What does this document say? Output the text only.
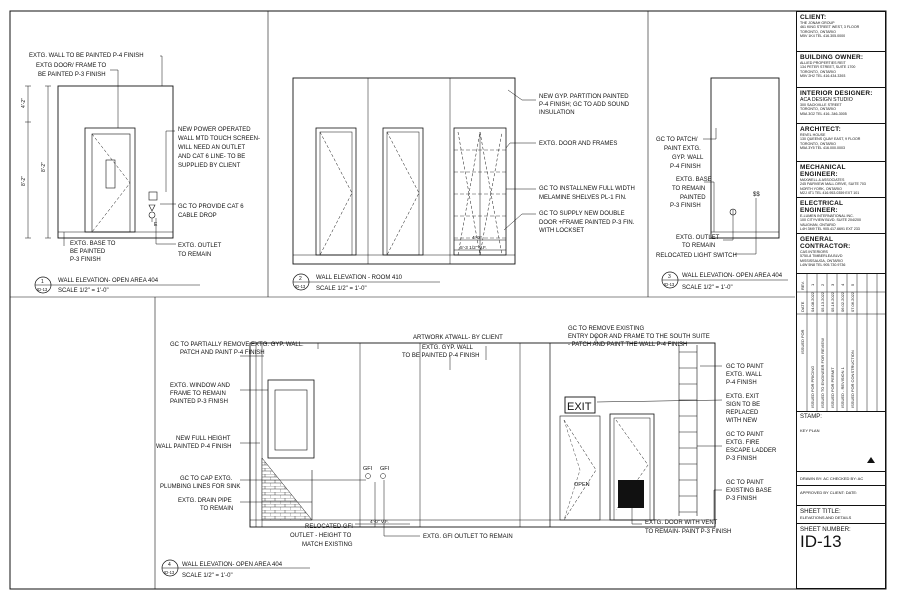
4'-2"
8'-2"
8'-2"
E
EXTG. WALL TO BE PAINTED P-4 FINISH
EXTG DOOR/ FRAME TO
BE PAINTED P-3 FINISH
NEW POWER OPERATED
WALL MTD TOUCH SCREEN-
WILL NEED AN OUTLET
AND CAT 6 LINE- TO BE
SUPPLIED BY CLIENT
GC TO PROVIDE CAT 6
CABLE DROP
EXTG. BASE TO
BE PAINTED
P-3 FINISH
EXTG. OUTLET
TO REMAIN
1
ID-13
WALL ELEVATION- OPEN AREA 404
SCALE 1/2" = 1'-0"
4'-0"
5'-3 1/2" V.F.
NEW GYP. PARTITION PAINTED
P-4 FINISH; GC TO ADD SOUND
INSULATION
EXTG. DOOR AND FRAMES
GC TO INSTALLNEW FULL WIDTH
MELAMINE SHELVES PL-1 FIN.
GC TO SUPPLY NEW DOUBLE
DOOR +FRAME PAINTED P-3 FIN.
WITH LOCKSET
2
ID-13
WALL ELEVATION - ROOM 410
SCALE 1/2" = 1'-0"
$$
GC TO PATCH/
PAINT EXTG.
GYP. WALL
P-4 FINISH
EXTG. BASE
TO REMAIN
PAINTED
P-3 FINISH
EXTG. OUTLET
TO REMAIN
RELOCATED LIGHT SWITCH
3
ID-13
WALL ELEVATION- OPEN AREA 404
SCALE 1/2" = 1'-0"
GFI GFI
4'-0" V.F.
EXIT
OPEN
GC TO PARTIALLY REMOVE EXTG. GYP. WALL:
PATCH AND PAINT P-4 FINISH
ARTWORK ATWALL- BY CLIENT
EXTG. GYP. WALL
TO BE PAINTED P-4 FINISH
GC TO REMOVE EXISTING
ENTRY DOOR AND FRAME TO THE SOUTH SUITE
- PATCH AND PAINT THE WALL P-4 FINISH
EXTG. WINDOW AND
FRAME TO REMAIN
PAINTED P-3 FINISH
NEW FULL HEIGHT
WALL PAINTED P-4 FINISH
GC TO CAP EXTG.
PLUMBING LINES FOR SINK
EXTG. DRAIN PIPE
TO REMAIN
RELOCATED GFI
OUTLET - HEIGHT TO
MATCH EXISTING
EXTG. GFI OUTLET TO REMAIN
GC TO PAINT
EXTG. WALL
P-4 FINISH
EXTG. EXIT
SIGN TO BE
REPLACED
WITH NEW
GC TO PAINT
EXTG. FIRE
ESCAPE LADDER
P-3 FINISH
GC TO PAINT
EXISTING BASE
P-3 FINISH
EXTG. DOOR WITH VENT
TO REMAIN- PAINT P-3 FINISH
4
ID-13
WALL ELEVATION- OPEN AREA 404
SCALE 1/2" = 1'-0"
CLIENT:
THE JONAH GROUP
461 KING STREET WEST, 3 FLOOR
TORONTO, ONTARIO
M5V 1K4 TEL 416.305.0000
BUILDING OWNER:
ALLIED PROPERTIES REIT
134 PETER STREET, SUITE 1700
TORONTO, ONTARIO
M5V 2H2 TEL 416.434.3393
INTERIOR DESIGNER:
ACA DESIGN STUDIO
300 SACKVILLE STREET
TORONTO, ONTARIO
M5A 3G2 TEL 416.-346-3005
ARCHITECT:
REVEL HOUSE
130 QUEENS QUAY EAST, 9 FLOOR
TORONTO, ONTARIO
M5A 3Y5 TEL 416.000.0003
MECHANICAL ENGINEER:
MAXWELL & ASSOCIATES
245 FAIRVIEW MALL DRIVE, SUITE 703
NORTH YORK, ONTARIO
M2J 4T1 TEL 416.953.0359 EXT 101
ELECTRICAL ENGINEER:
E-LUMEN INTERNATIONAL INC.
100 CITYVIEW BLVD. SUITE 204/200
VAUGHAN, ONTARIO
L4H 3M9 TEL 905.417.6691 EXT 233
GENERAL CONTRACTOR:
CAS INTERIORS
5750-8 TIMBERLEA BLVD
MISSISSAUGA, ONTARIO
L4W 5N8 TEL 905.730.9736
REV.
DATE
ISSUED FOR
1
04.08.2022
ISSUED FOR PRICING
2
05.13.2022
ISSUED TO ENGINEER FOR REVIEW
3
05.16.2022
ISSUED FOR PERMIT
4
06.02.2022
ISSUED - REVISION 1
5
07.06.2022
ISSUED FOR CONSTRUCTION
STAMP:
KEY PLAN
DRAWN BY: AC CHECKED BY: AC
APPROVED BY CLIENT: DATE:
SHEET TITLE:
ELEVATIONS AND DETAILS
SHEET NUMBER:
ID-13
